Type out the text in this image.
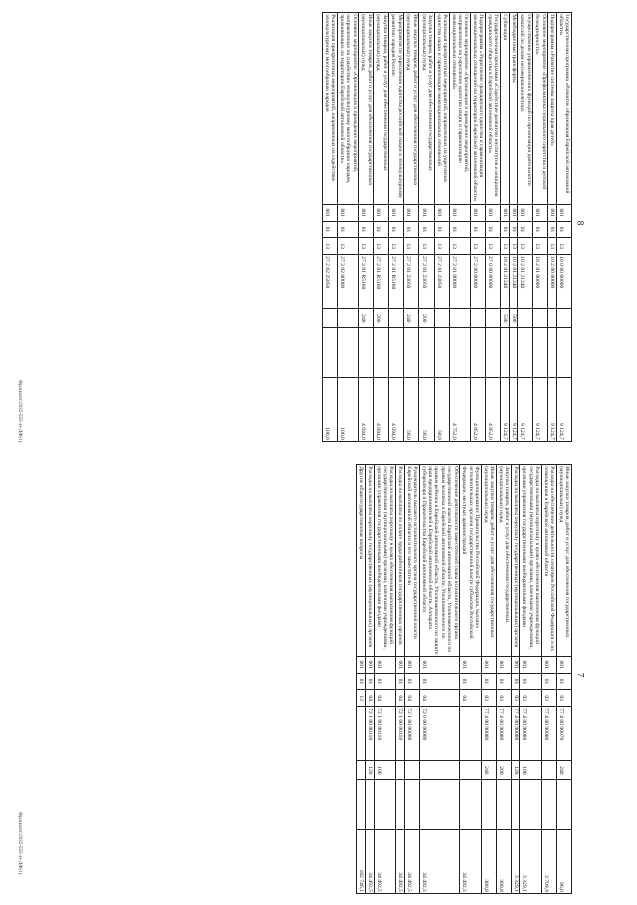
8
Государственная программа «Развитие образования Еврейской автономной области»	001	01	13	10 0 00 00000			9 124,7
Подпрограмма «Развитие системы защиты прав детей»	001	01	13	10 2 00 00000			9 124,7
Основное мероприятие «Профилактика социального сиротства и детской безнадзорности»	001	01	13	10 2 01 00000			9 124,7
Осуществление управленческих функций по организации деятельности комиссий по делам несовершеннолетних	001	01	13	10 2 01 21240			9 124,7
Межбюджетные трансферты	001	01	13	10 2 01 21240	500		9 124,7
Субвенции	001	01	13	10 2 01 21240	530		9 124,7
Государственная программа «Содействие развитию институтов и инициатив гражданского общества в Еврейской автономной области»	001	01	13	27 0 00 00000			4 852,0
Подпрограмма «Укрепление гражданского единства и гармонизация межнациональных отношений на территории Еврейской автономной области»	001	01	13	27 2 00 00000			4 852,0
Основное мероприятие «Организация и проведение мероприятий, направленных на укрепление единства нации и гармонизацию межнациональных отношений»	001	01	13	27 2 01 00000			4 752,0
Реализация приоритетных мероприятий, направленных на укрепление единства нации и гармонизацию межнациональных отношений	001	01	13	27 2 01 23050			58,0
Закупка товаров, работ и услуг для обеспечения государственных (муниципальных) нужд	001	01	13	27 2 01 23050	200		58,0
Иные закупки товаров, работ и услуг для обеспечения государственных (муниципальных) нужд	001	01	13	27 2 01 23050	240		58,0
Мероприятия по укреплению единства российской нации и этнокультурному развитию народов России	001	01	13	27 2 01 R5160			4 694,0
Закупка товаров, работ и услуг для обеспечения государственных (муниципальных) нужд	001	01	13	27 2 01 R5160	200		4 694,0
Иные закупки товаров, работ и услуг для обеспечения государственных (муниципальных) нужд	001	01	13	27 2 01 R5160	240		4 694,0
Основное мероприятие «Организация и проведение мероприятий, направленных на содействие этнокультурному многообразию народов, проживающих на территории Еврейской автономной области»	001	01	13	27 2 02 00000			100,0
Реализация приоритетных мероприятий, направленных на содействие этнокультурному многообразию народов	001	01	13	27 2 02 25050			100,0
Фрагмент/2022-555-эт-ДФ(1)
7
Иные закупки товаров, работ и услуг для обеспечения государственных (муниципальных) нужд	001	01	03	77 4 00 90070	240		96,0
Расходы на обеспечение деятельности сенаторов Российской Федерации и их помощников в Еврейской автономной области	001	01	03	77 4 00 90080			3 709,9
Расходы на выплаты персоналу в целях обеспечения выполнения функций государственными (муниципальными) органами, казенными учреждениями, органами управления государственными внебюджетными фондами	001	01	03	77 4 00 90080	100		3 329,1
Расходы на выплаты персоналу государственных (муниципальных) органов	001	01	03	77 4 00 90080	120		3 329,1
Закупка товаров, работ и услуг для обеспечения государственных (муниципальных) нужд	001	01	03	77 4 00 90080	200		380,8
Иные закупки товаров, работ и услуг для обеспечения государственных (муниципальных) нужд	001	01	03	77 4 00 90080	240		380,8
Функционирование Правительства Российской Федерации, высших исполнительных органов государственной власти субъектов Российской Федерации, местных администраций	001	01	04				34 492,5
Обеспечение деятельности заместителей главы исполнительного органа государственной власти Еврейской автономной области, Уполномоченного по правам человека в Еврейской автономной области, Уполномоченного по правам ребенка в Еврейской автономной области, Уполномоченного по защите прав предпринимателей в Еврейской автономной области, Аппарата губернатора и Правительства Еврейской автономной области	001	01	04	72 0 00 00000			34 492,5
Руководитель высшего исполнительного органа государственной власти Еврейской автономной области и его заместители	001	01	04	72 1 00 00000			34 492,5
Расходы на выплаты по оплате труда работников государственных органов	001	01	04	72 1 00 00110			34 492,5
Расходы на выплаты персоналу в целях обеспечения выполнения функций государственными (муниципальными) органами, казенными учреждениями, органами управления государственными внебюджетными фондами	001	01	04	72 1 00 00110	100		34 492,5
Расходы на выплаты персоналу государственных (муниципальных) органов	001	01	04	72 1 00 00110	120		34 492,5
Другие общегосударственные вопросы	001	01	13				182 746,1
Фрагмент/2022-555-эт-ДФ(1)
